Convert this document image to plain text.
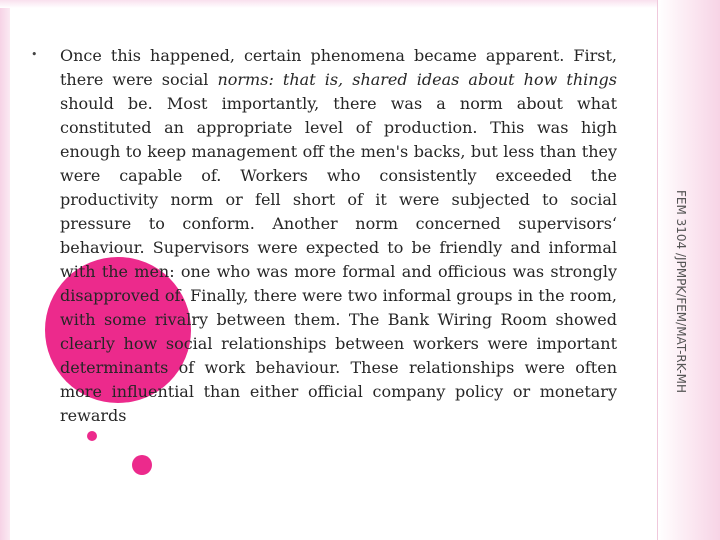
FEM 3104 /JPMPK/FEM/MAT-RK-MH
• Once this happened, certain phenomena became apparent. First, there were social norms: that is, shared ideas about how things should be. Most importantly, there was a norm about what constituted an appropriate level of production. This was high enough to keep management off the men's backs, but less than they were capable of. Workers who consistently exceeded the productivity norm or fell short of it were subjected to social pressure to conform. Another norm concerned supervisors‘ behaviour. Supervisors were expected to be friendly and informal with the men: one who was more formal and officious was strongly disapproved of. Finally, there were two informal groups in the room, with some rivalry between them. The Bank Wiring Room showed clearly how social relationships between workers were important determinants of work behaviour. These relationships were often more influential than either official company policy or monetary rewards
